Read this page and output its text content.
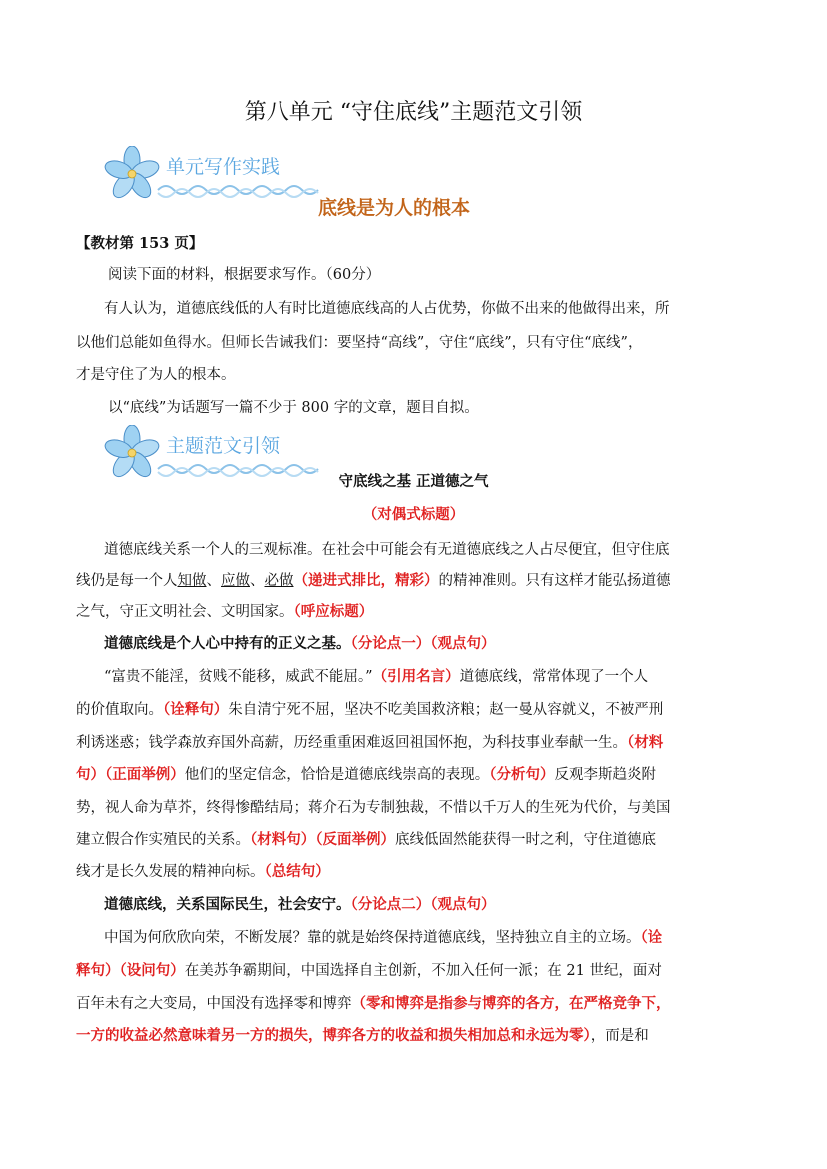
第八单元 “守住底线”主题范文引领
单元写作实践
底线是为人的根本
【教材第 153 页】
阅读下面的材料，根据要求写作。（60分）
有人认为，道德底线低的人有时比道德底线高的人占优势，你做不出来的他做得出来，所
以他们总能如鱼得水。但师长告诫我们：要坚持“高线”，守住“底线”，只有守住“底线”，
才是守住了为人的根本。
以“底线”为话题写一篇不少于 800 字的文章，题目自拟。
主题范文引领
守底线之基 正道德之气
（对偶式标题）
道德底线关系一个人的三观标准。在社会中可能会有无道德底线之人占尽便宜，但守住底
线仍是每一个人知做、应做、必做（递进式排比，精彩）的精神准则。只有这样才能弘扬道德
之气，守正文明社会、文明国家。（呼应标题）
道德底线是个人心中持有的正义之基。（分论点一）（观点句）
“富贵不能淫，贫贱不能移，威武不能屈。”（引用名言）道德底线，常常体现了一个人
的价值取向。（诠释句）朱自清宁死不屈，坚决不吃美国救济粮；赵一曼从容就义，不被严刑
利诱迷惑；钱学森放弃国外高薪，历经重重困难返回祖国怀抱，为科技事业奉献一生。（材料
句）（正面举例）他们的坚定信念，恰恰是道德底线崇高的表现。（分析句）反观李斯趋炎附
势，视人命为草芥，终得惨酷结局；蒋介石为专制独裁，不惜以千万人的生死为代价，与美国
建立假合作实殖民的关系。（材料句）（反面举例）底线低固然能获得一时之利，守住道德底
线才是长久发展的精神向标。（总结句）
道德底线，关系国际民生，社会安宁。（分论点二）（观点句）
中国为何欣欣向荣，不断发展？靠的就是始终保持道德底线，坚持独立自主的立场。（诠
释句）（设问句）在美苏争霸期间，中国选择自主创新，不加入任何一派；在 21 世纪，面对
百年未有之大变局，中国没有选择零和博弈（零和博弈是指参与博弈的各方，在严格竞争下，
一方的收益必然意味着另一方的损失，博弈各方的收益和损失相加总和永远为零），而是和
